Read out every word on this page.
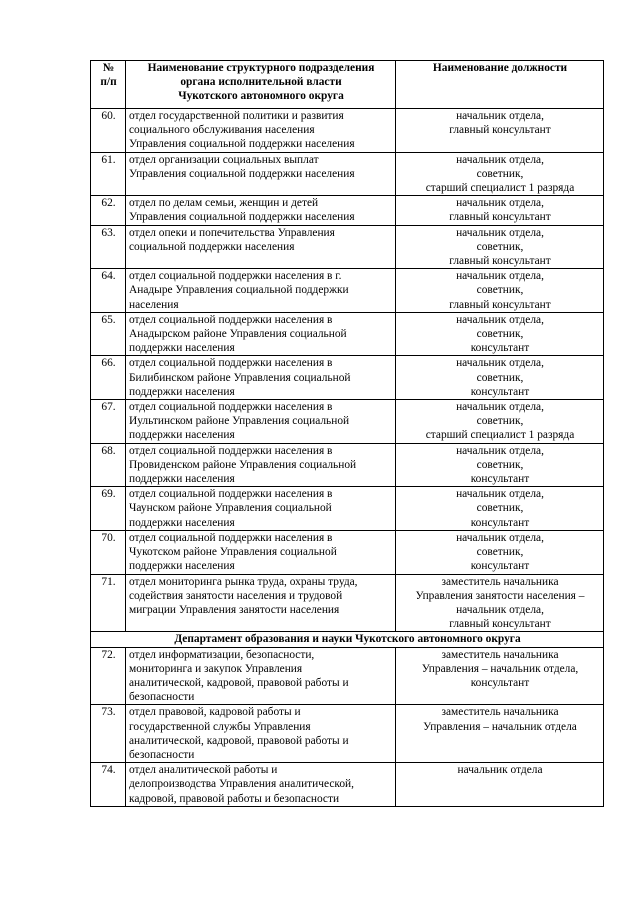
№
п/п	Наименование структурного подразделения
органа исполнительной власти
Чукотского автономного округа	Наименование должности
60.	отдел государственной политики и развития
социального обслуживания населения
Управления социальной поддержки населения	начальник отдела,
главный консультант
61.	отдел организации социальных выплат
Управления социальной поддержки населения	начальник отдела,
советник,
старший специалист 1 разряда
62.	отдел по делам семьи, женщин и детей
Управления социальной поддержки населения	начальник отдела,
главный консультант
63.	отдел опеки и попечительства Управления
социальной поддержки населения	начальник отдела,
советник,
главный консультант
64.	отдел социальной поддержки населения в г.
Анадыре Управления социальной поддержки
населения	начальник отдела,
советник,
главный консультант
65.	отдел социальной поддержки населения в
Анадырском районе Управления социальной
поддержки населения	начальник отдела,
советник,
консультант
66.	отдел социальной поддержки населения в
Билибинском районе Управления социальной
поддержки населения	начальник отдела,
советник,
консультант
67.	отдел социальной поддержки населения в
Иультинском районе Управления социальной
поддержки населения	начальник отдела,
советник,
старший специалист 1 разряда
68.	отдел социальной поддержки населения в
Провиденском районе Управления социальной
поддержки населения	начальник отдела,
советник,
консультант
69.	отдел социальной поддержки населения в
Чаунском районе Управления социальной
поддержки населения	начальник отдела,
советник,
консультант
70.	отдел социальной поддержки населения в
Чукотском районе Управления социальной
поддержки населения	начальник отдела,
советник,
консультант
71.	отдел мониторинга рынка труда, охраны труда,
содействия занятости населения и трудовой
миграции Управления занятости населения	заместитель начальника
Управления занятости населения –
начальник отдела,
главный консультант
Департамент образования и науки Чукотского автономного округа		
72.	отдел информатизации, безопасности,
мониторинга и закупок Управления
аналитической, кадровой, правовой работы и
безопасности	заместитель начальника
Управления – начальник отдела,
консультант
73.	отдел правовой, кадровой работы и
государственной службы Управления
аналитической, кадровой, правовой работы и
безопасности	заместитель начальника
Управления – начальник отдела
74.	отдел аналитической работы и
делопроизводства Управления аналитической,
кадровой, правовой работы и безопасности	начальник отдела
